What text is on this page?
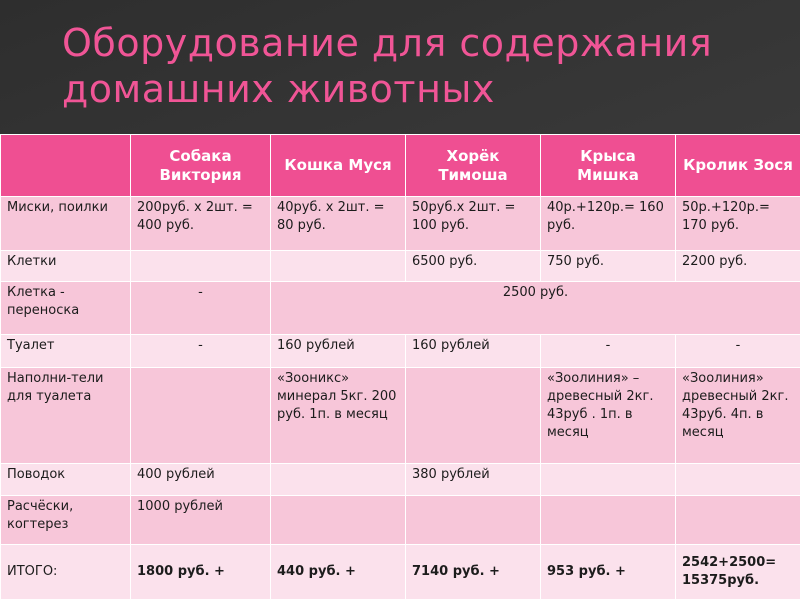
Оборудование для содержания домашних животных
	Собака Виктория	Кошка Муся	Хорёк Тимоша	Крыса Мишка	Кролик Зося
Миски, поилки	200руб. х 2шт. = 400 руб.	40руб. х 2шт. = 80 руб.	50руб.х 2шт. = 100 руб.	40р.+120р.= 160 руб.	50р.+120р.= 170 руб.
Клетки			6500 руб.	750 руб.	2200 руб.
Клетка - переноска	-	2500 руб.			
Туалет	-	160 рублей	160 рублей	-	-
Наполни-тели для туалета		«Зооникс» минерал 5кг. 200 руб. 1п. в месяц		«Зоолиния» – древесный 2кг. 43руб . 1п. в месяц	«Зоолиния» древесный 2кг. 43руб. 4п. в месяц
Поводок	400 рублей		380 рублей		
Расчёски, когтерез	1000 рублей				
ИТОГО:	1800 руб. +	440 руб. +	7140 руб. +	953 руб. +	2542+2500= 15375руб.
